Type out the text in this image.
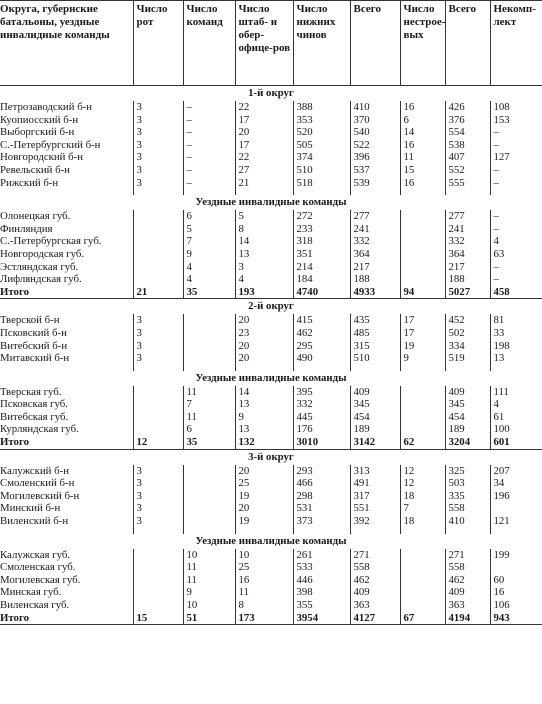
Округа, губернские батальоны, уездные инвалидные команды	Число рот	Число команд	Число штаб- и обер-офице-ров	Число нижних чинов	Всего	Число нестрое-вых	Всего	Некомп-лект
1-й округ								
Петрозаводский б-н	3	–	22	388	410	16	426	108
Куопиосский б-н	3	–	17	353	370	6	376	153
Выборгский б-н	3	–	20	520	540	14	554	–
С.-Петербургский б-н	3	–	17	505	522	16	538	–
Новгородский б-н	3	–	22	374	396	11	407	127
Ревельский б-н	3	–	27	510	537	15	552	–
Рижский б-н	3	–	21	518	539	16	555	–

Уездные инвалидные команды								
Олонецкая губ.		6	5	272	277		277	–
Финляндия		5	8	233	241		241	–
С.-Петербургская губ.		7	14	318	332		332	4
Новгородская губ.		9	13	351	364		364	63
Эстляндская губ.		4	3	214	217		217	–
Лифляндская губ.		4	4	184	188		188	–
Итого	21	35	193	4740	4933	94	5027	458
2-й округ								
Тверской б-н	3		20	415	435	17	452	81
Псковский б-н	3		23	462	485	17	502	33
Витебский б-н	3		20	295	315	19	334	198
Митавский б-н	3		20	490	510	9	519	13

Уездные инвалидные команды								
Тверская губ.		11	14	395	409		409	111
Псковская губ.		7	13	332	345		345	4
Витебская губ.		11	9	445	454		454	61
Курляндская губ.		6	13	176	189		189	100
Итого	12	35	132	3010	3142	62	3204	601
3-й округ								
Калужский б-н	3		20	293	313	12	325	207
Смоленский б-н	3		25	466	491	12	503	34
Могилевский б-н	3		19	298	317	18	335	196
Минский б-н	3		20	531	551	7	558	
Виленский б-н	3		19	373	392	18	410	121

Уездные инвалидные команды								
Калужская губ.		10	10	261	271		271	199
Смоленская губ.		11	25	533	558		558	
Могилевская губ.		11	16	446	462		462	60
Минская губ.		9	11	398	409		409	16
Виленская губ.		10	8	355	363		363	106
Итого	15	51	173	3954	4127	67	4194	943
